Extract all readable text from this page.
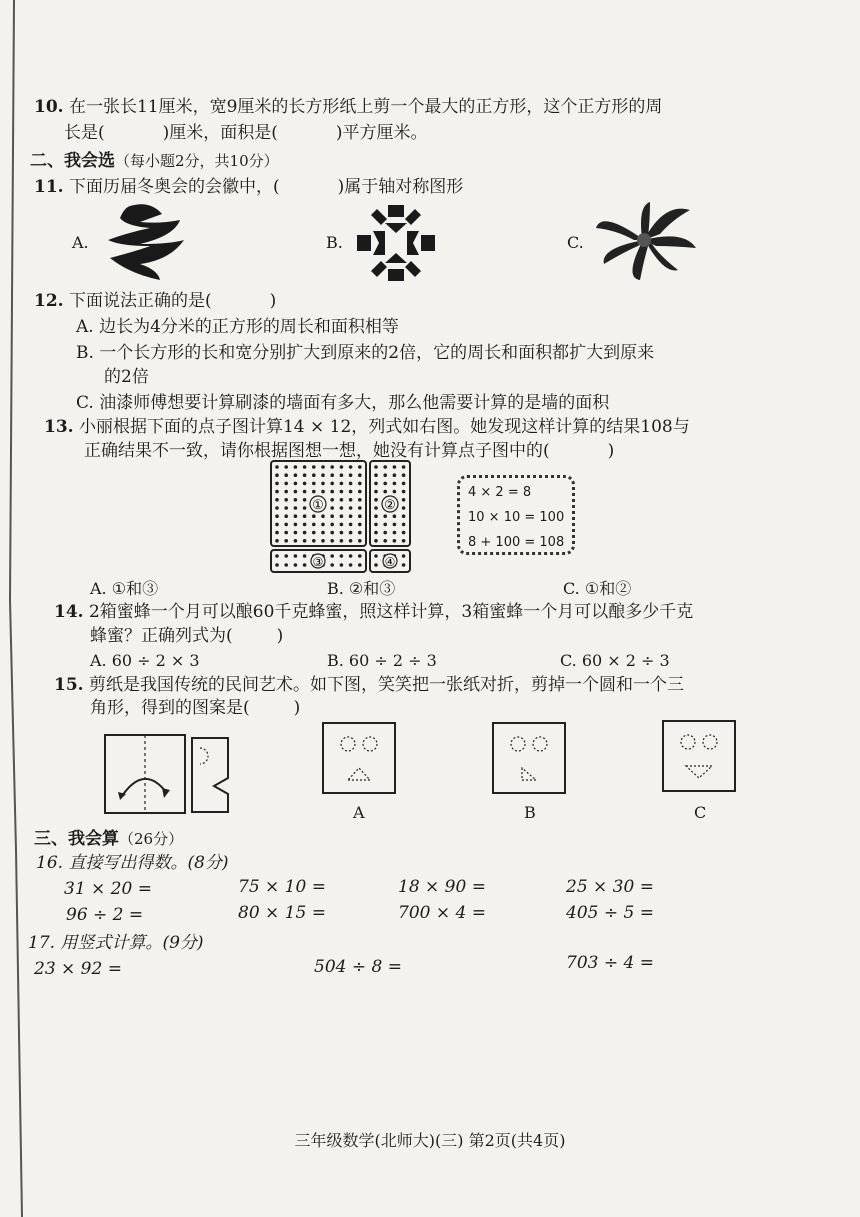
10. 在一张长11厘米，宽9厘米的长方形纸上剪一个最大的正方形，这个正方形的周
长是(	)厘米，面积是(	)平方厘米。
二、我会选（每小题2分，共10分）
11. 下面历届冬奥会的会徽中，(	)属于轴对称图形
A.	B.	C.
12. 下面说法正确的是(	)
A. 边长为4分米的正方形的周长和面积相等
B. 一个长方形的长和宽分别扩大到原来的2倍，它的周长和面积都扩大到原来
的2倍
C. 油漆师傅想要计算刷漆的墙面有多大，那么他需要计算的是墙的面积
13. 小丽根据下面的点子图计算14 × 12，列式如右图。她发现这样计算的结果108与
正确结果不一致，请你根据图想一想，她没有计算点子图中的(	)
①	②
③	④
4 × 2 = 8
10 × 10 = 100
8 + 100 = 108
A. ①和③	B. ②和③	C. ①和②
14. 2箱蜜蜂一个月可以酿60千克蜂蜜，照这样计算，3箱蜜蜂一个月可以酿多少千克
蜂蜜？正确列式为(	)
A. 60 ÷ 2 × 3	B. 60 ÷ 2 ÷ 3	C. 60 × 2 ÷ 3
15. 剪纸是我国传统的民间艺术。如下图，笑笑把一张纸对折，剪掉一个圆和一个三
角形，得到的图案是(	)
A	B	C
三、我会算（26分）
16. 直接写出得数。(8分)
31 × 20 =	75 × 10 =	18 × 90 =	25 × 30 =
96 ÷ 2 =	80 × 15 =	700 × 4 =	405 ÷ 5 =
17. 用竖式计算。(9分)
23 × 92 =	504 ÷ 8 =	703 ÷ 4 =
三年级数学(北师大)(三) 第2页(共4页)
